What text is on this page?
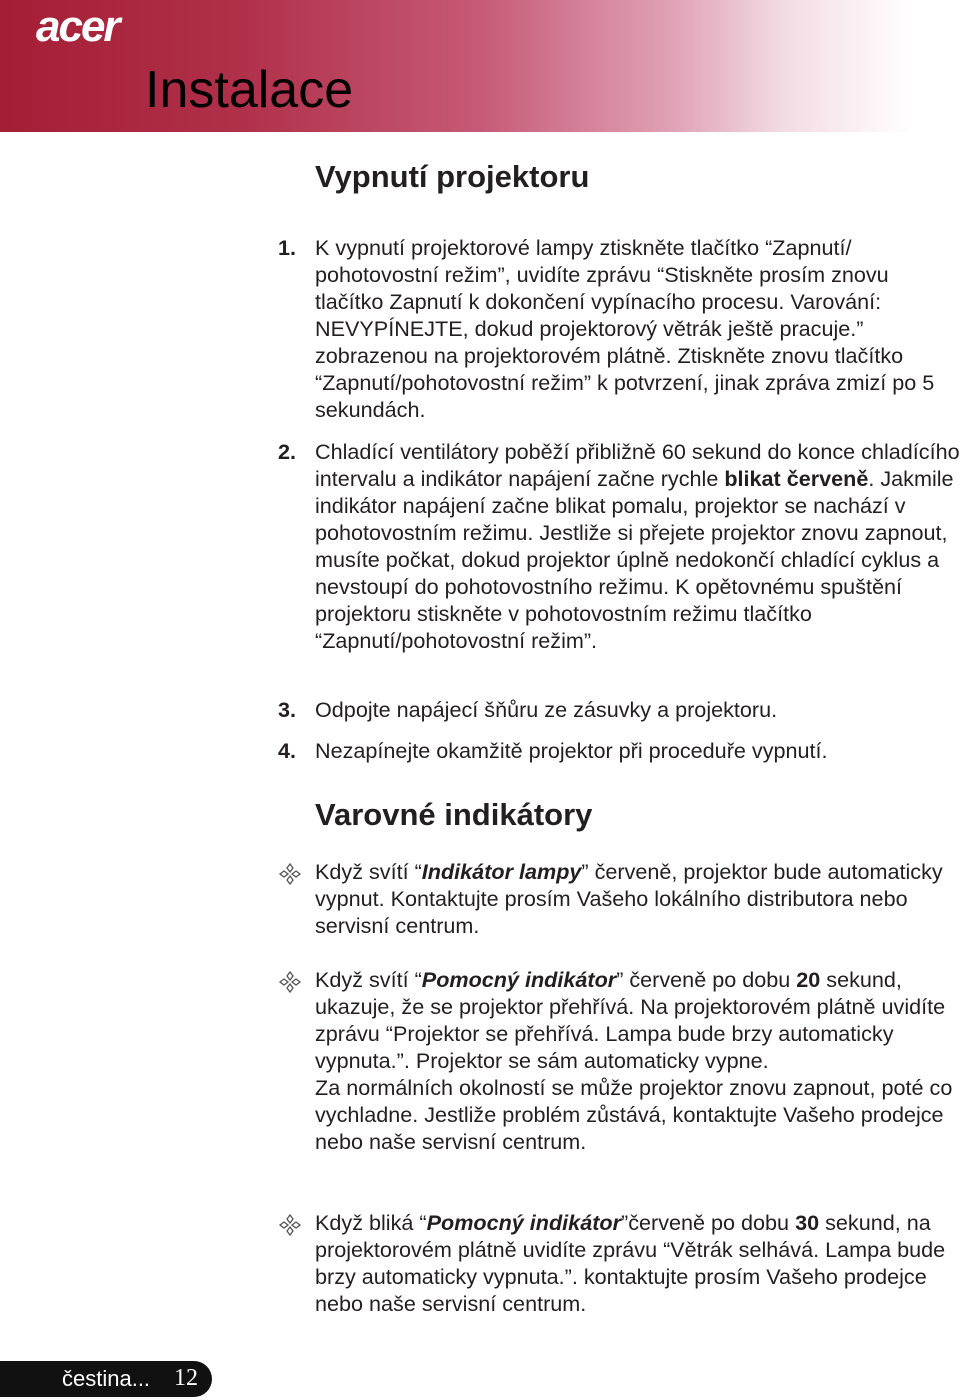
acer
Instalace
Vypnutí projektoru
1. K vypnutí projektorové lampy ztiskněte tlačítko “Zapnutí/ pohotovostní režim”, uvidíte zprávu “Stiskněte prosím znovu tlačítko Zapnutí k dokončení vypínacího procesu. Varování: NEVYPÍNEJTE, dokud projektorový větrák ještě pracuje.” zobrazenou na projektorovém plátně. Ztiskněte znovu tlačítko “Zapnutí/pohotovostní režim” k potvrzení, jinak zpráva zmizí po 5 sekundách.

2. Chladící ventilátory poběží přibližně 60 sekund do konce chladícího intervalu a indikátor napájení začne rychle blikat červeně. Jakmile indikátor napájení začne blikat pomalu, projektor se nachází v pohotovostním režimu. Jestliže si přejete projektor znovu zapnout, musíte počkat, dokud projektor úplně nedokončí chladící cyklus a nevstoupí do pohotovostního režimu. K opětovnému spuštění projektoru stiskněte v pohotovostním režimu tlačítko “Zapnutí/pohotovostní režim”.

3. Odpojte napájecí šňůru ze zásuvky a projektoru.

4. Nezapínejte okamžitě projektor při proceduře vypnutí.

Varovné indikátory

Když svítí “Indikátor lampy” červeně, projektor bude automaticky vypnut. Kontaktujte prosím Vašeho lokálního distributora nebo servisní centrum.

Když svítí “Pomocný indikátor” červeně po dobu 20 sekund, ukazuje, že se projektor přehřívá. Na projektorovém plátně uvidíte zprávu “Projektor se přehřívá. Lampa bude brzy automaticky vypnuta.”. Projektor se sám automaticky vypne.
Za normálních okolností se může projektor znovu zapnout, poté co vychladne. Jestliže problém zůstává, kontaktujte Vašeho prodejce nebo naše servisní centrum.

Když bliká “Pomocný indikátor”červeně po dobu 30 sekund, na projektorovém plátně uvidíte zprávu “Větrák selhává. Lampa bude brzy automaticky vypnuta.”. kontaktujte prosím Vašeho prodejce nebo naše servisní centrum.

čestina... 12
